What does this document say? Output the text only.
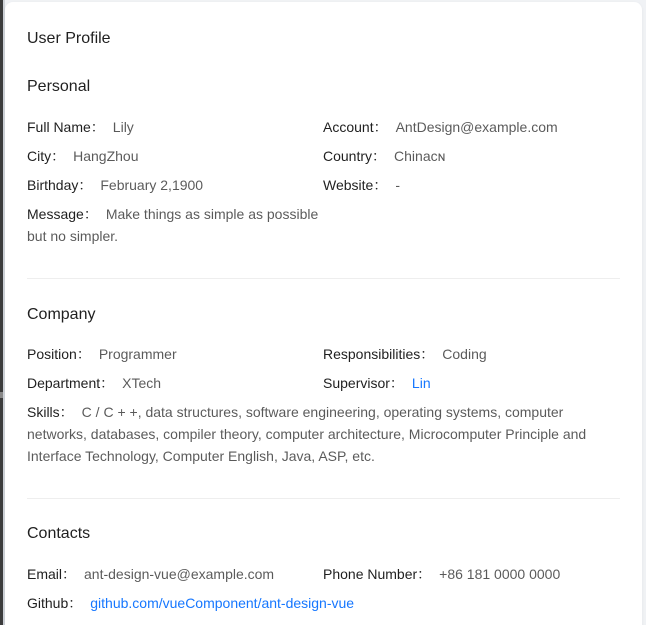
User Profile
Personal
Full Name： Lily	Account： AntDesign@example.com
City： HangZhou	Country： Chinaᴄɴ
Birthday： February 2,1900	Website： -
Message： Make things as simple as possible
but no simpler.
Company
Position： Programmer	Responsibilities： Coding
Department： XTech	Supervisor： Lin
Skills： C / C + +, data structures, software engineering, operating systems, computer
networks, databases, compiler theory, computer architecture, Microcomputer Principle and
Interface Technology, Computer English, Java, ASP, etc.
Contacts
Email： ant-design-vue@example.com	Phone Number： +86 181 0000 0000
Github： github.com/vueComponent/ant-design-vue
